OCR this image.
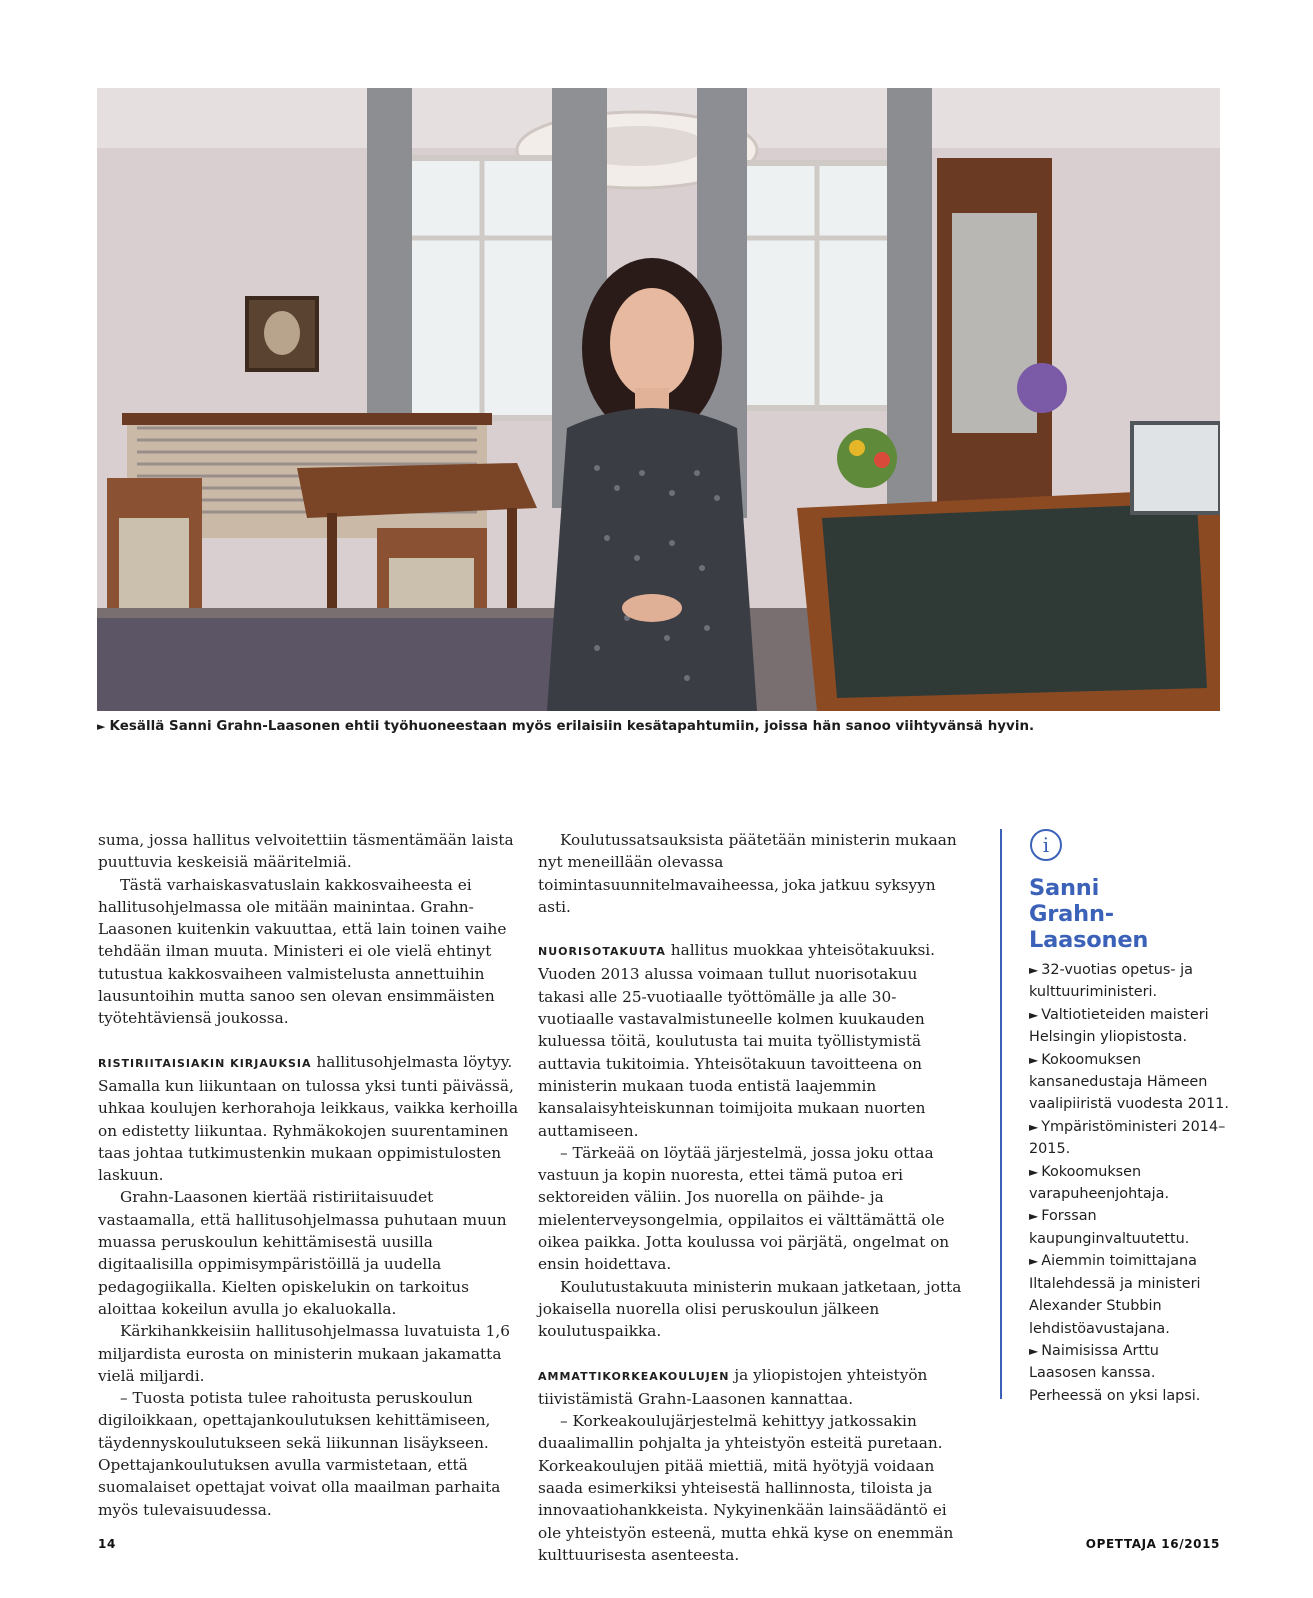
► Kesällä Sanni Grahn-Laasonen ehtii työhuoneestaan myös erilaisiin kesätapahtumiin, joissa hän sanoo viihtyvänsä hyvin.

suma, jossa hallitus velvoitettiin täsmentämään laista puuttuvia keskeisiä määritelmiä.

Tästä varhaiskasvatuslain kakkosvaiheesta ei hallitusohjelmassa ole mitään mainintaa. Grahn-Laasonen kuitenkin vakuuttaa, että lain toinen vaihe tehdään ilman muuta. Ministeri ei ole vielä ehtinyt tutustua kakkosvaiheen valmistelusta annettuihin lausuntoihin mutta sanoo sen olevan ensimmäisten työtehtäviensä joukossa.

RISTIRIITAISIAKIN KIRJAUKSIA hallitusohjelmasta löytyy. Samalla kun liikuntaan on tulossa yksi tunti päivässä, uhkaa koulujen kerhorahoja leikkaus, vaikka kerhoilla on edistetty liikuntaa. Ryhmäkokojen suurentaminen taas johtaa tutkimustenkin mukaan oppimistulosten laskuun.

Grahn-Laasonen kiertää ristiriitaisuudet vastaamalla, että hallitusohjelmassa puhutaan muun muassa peruskoulun kehittämisestä uusilla digitaalisilla oppimisympäristöillä ja uudella pedagogiikalla. Kielten opiskelukin on tarkoitus aloittaa kokeilun avulla jo ekaluokalla.

Kärkihankkeisiin hallitusohjelmassa luvatuista 1,6 miljardista eurosta on ministerin mukaan jakamatta vielä miljardi.

– Tuosta potista tulee rahoitusta peruskoulun digiloikkaan, opettajankoulutuksen kehittämiseen, täydennyskoulutukseen sekä liikunnan lisäykseen. Opettajankoulutuksen avulla varmistetaan, että suomalaiset opettajat voivat olla maailman parhaita myös tulevaisuudessa.

Koulutussatsauksista päätetään ministerin mukaan nyt meneillään olevassa toimintasuunnitelmavaiheessa, joka jatkuu syksyyn asti.

NUORISOTAKUUTA hallitus muokkaa yhteisötakuuksi. Vuoden 2013 alussa voimaan tullut nuorisotakuu takasi alle 25-vuotiaalle työttömälle ja alle 30-vuotiaalle vastavalmistuneelle kolmen kuukauden kuluessa töitä, koulutusta tai muita työllistymistä auttavia tukitoimia. Yhteisötakuun tavoitteena on ministerin mukaan tuoda entistä laajemmin kansalaisyhteiskunnan toimijoita mukaan nuorten auttamiseen.

– Tärkeää on löytää järjestelmä, jossa joku ottaa vastuun ja kopin nuoresta, ettei tämä putoa eri sektoreiden väliin. Jos nuorella on päihde- ja mielenterveysongelmia, oppilaitos ei välttämättä ole oikea paikka. Jotta koulussa voi pärjätä, ongelmat on ensin hoidettava.

Koulutustakuuta ministerin mukaan jatketaan, jotta jokaisella nuorella olisi peruskoulun jälkeen koulutuspaikka.

AMMATTIKORKEAKOULUJEN ja yliopistojen yhteistyön tiivistämistä Grahn-Laasonen kannattaa.

– Korkeakoulujärjestelmä kehittyy jatkossakin duaalimallin pohjalta ja yhteistyön esteitä puretaan. Korkeakoulujen pitää miettiä, mitä hyötyjä voidaan saada esimerkiksi yhteisestä hallinnosta, tiloista ja innovaatiohankkeista. Nykyinenkään lainsäädäntö ei ole yhteistyön esteenä, mutta ehkä kyse on enemmän kulttuurisesta asenteesta.

i
Sanni
Grahn-Laasonen
► 32-vuotias opetus- ja kulttuuriministeri.
► Valtiotieteiden maisteri Helsingin yliopistosta.
► Kokoomuksen kansanedustaja Hämeen vaalipiiristä vuodesta 2011.
► Ympäristöministeri 2014–2015.
► Kokoomuksen varapuheenjohtaja.
► Forssan kaupunginvaltuutettu.
► Aiemmin toimittajana Iltalehdessä ja ministeri Alexander Stubbin lehdistöavustajana.
► Naimisissa Arttu Laasosen kanssa. Perheessä on yksi lapsi.
14	OPETTAJA 16/2015
